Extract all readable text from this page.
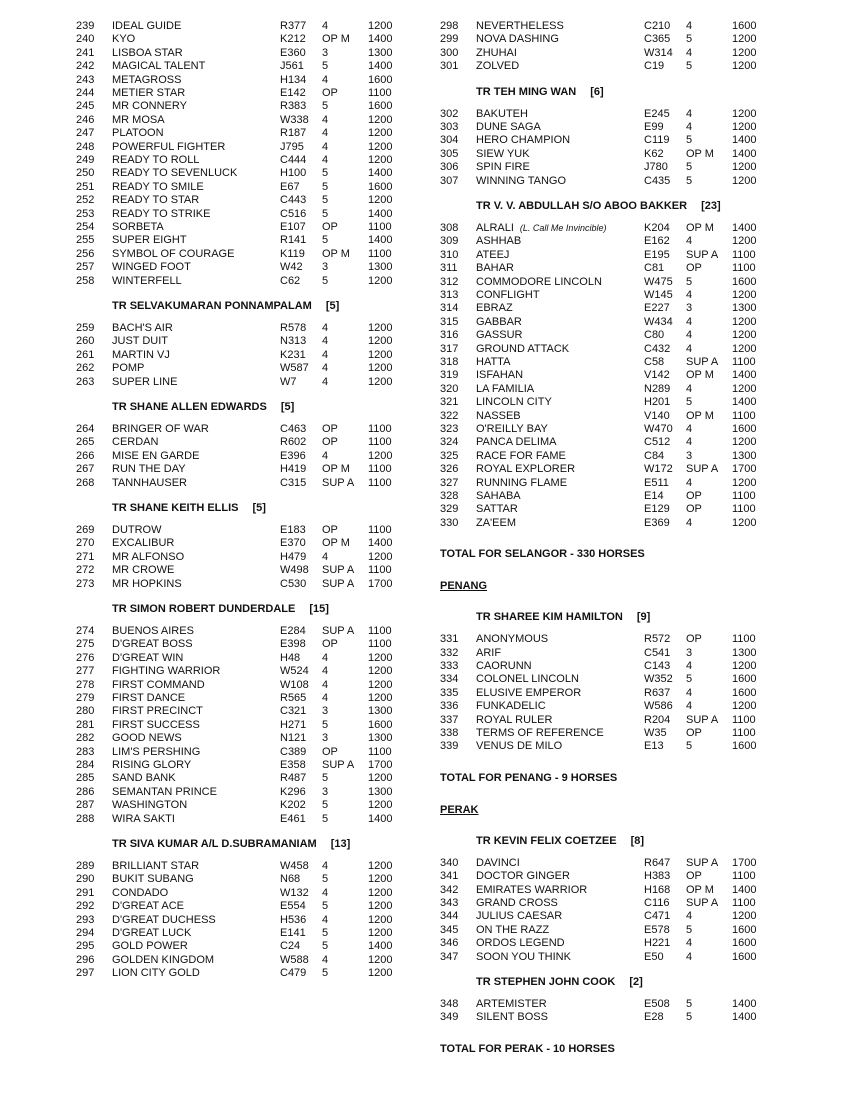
239 IDEAL GUIDE	R377 4	1200
240 KYO	K212 OP M 1400
241 LISBOA STAR	E360 3	1300
242 MAGICAL TALENT	J561 5	1400
243 METAGROSS	H134 4	1600
244 METIER STAR	E142 OP	1100
245 MR CONNERY	R383 5	1600
246 MR MOSA	W338 4	1200
247 PLATOON	R187 4	1200
248 POWERFUL FIGHTER	J795 4	1200
249 READY TO ROLL	C444 4	1200
250 READY TO SEVENLUCK	H100 5	1400
251 READY TO SMILE	E67 5	1600
252 READY TO STAR	C443 5	1200
253 READY TO STRIKE	C516 5	1400
254 SORBETA	E107 OP	1100
255 SUPER EIGHT	R141 5	1400
256 SYMBOL OF COURAGE	K119 OP M 1100
257 WINGED FOOT	W42 3	1300
258 WINTERFELL	C62 5	1200
TR SELVAKUMARAN PONNAMPALAM [5]
259 BACH'S AIR	R578 4	1200
260 JUST DUIT	N313 4	1200
261 MARTIN VJ	K231 4	1200
262 POMP	W587 4	1200
263 SUPER LINE	W7 4	1200
TR SHANE ALLEN EDWARDS [5]
264 BRINGER OF WAR	C463 OP	1100
265 CERDAN	R602 OP	1100
266 MISE EN GARDE	E396 4	1200
267 RUN THE DAY	H419 OP M 1100
268 TANNHAUSER	C315 SUP A 1100
TR SHANE KEITH ELLIS [5]
269 DUTROW	E183 OP	1100
270 EXCALIBUR	E370 OP M 1400
271 MR ALFONSO	H479 4	1200
272 MR CROWE	W498 SUP A 1100
273 MR HOPKINS	C530 SUP A 1700
TR SIMON ROBERT DUNDERDALE [15]
274 BUENOS AIRES	E284 SUP A 1100
275 D'GREAT BOSS	E398 OP	1100
276 D'GREAT WIN	H48 4	1200
277 FIGHTING WARRIOR	W524 4	1200
278 FIRST COMMAND	W108 4	1200
279 FIRST DANCE	R565 4	1200
280 FIRST PRECINCT	C321 3	1300
281 FIRST SUCCESS	H271 5	1600
282 GOOD NEWS	N121 3	1300
283 LIM'S PERSHING	C389 OP	1100
284 RISING GLORY	E358 SUP A 1700
285 SAND BANK	R487 5	1200
286 SEMANTAN PRINCE	K296 3	1300
287 WASHINGTON	K202 5	1200
288 WIRA SAKTI	E461 5	1400
TR SIVA KUMAR A/L D.SUBRAMANIAM [13]
289 BRILLIANT STAR	W458 4	1200
290 BUKIT SUBANG	N68 5	1200
291 CONDADO	W132 4	1200
292 D'GREAT ACE	E554 5	1200
293 D'GREAT DUCHESS	H536 4	1200
294 D'GREAT LUCK	E141 5	1200
295 GOLD POWER	C24 5	1400
296 GOLDEN KINGDOM	W588 4	1200
297 LION CITY GOLD	C479 5	1200
298 NEVERTHELESS	C210 4	1600
299 NOVA DASHING	C365 5	1200
300 ZHUHAI	W314 4	1200
301 ZOLVED	C19 5	1200
TR TEH MING WAN [6]
302 BAKUTEH	E245 4	1200
303 DUNE SAGA	E99 4	1200
304 HERO CHAMPION	C119 5	1400
305 SIEW YUK	K62 OP M 1400
306 SPIN FIRE	J780 5	1200
307 WINNING TANGO	C435 5	1200
TR V. V. ABDULLAH S/O ABOO BAKKER [23]
308 ALRALI (L. Call Me Invincible)	K204 OP M 1400
309 ASHHAB	E162 4	1200
310 ATEEJ	E195 SUP A 1100
311 BAHAR	C81 OP	1100
312 COMMODORE LINCOLN	W475 5	1600
313 CONFLIGHT	W145 4	1200
314 EBRAZ	E227 3	1300
315 GABBAR	W434 4	1200
316 GASSUR	C80 4	1200
317 GROUND ATTACK	C432 4	1200
318 HATTA	C58 SUP A 1100
319 ISFAHAN	V142 OP M 1400
320 LA FAMILIA	N289 4	1200
321 LINCOLN CITY	H201 5	1400
322 NASSEB	V140 OP M 1100
323 O'REILLY BAY	W470 4	1600
324 PANCA DELIMA	C512 4	1200
325 RACE FOR FAME	C84 3	1300
326 ROYAL EXPLORER	W172 SUP A 1700
327 RUNNING FLAME	E511 4	1200
328 SAHABA	E14 OP	1100
329 SATTAR	E129 OP	1100
330 ZA'EEM	E369 4	1200
TOTAL FOR SELANGOR - 330 HORSES
PENANG
TR SHAREE KIM HAMILTON [9]
331 ANONYMOUS	R572 OP	1100
332 ARIF	C541 3	1300
333 CAORUNN	C143 4	1200
334 COLONEL LINCOLN	W352 5	1600
335 ELUSIVE EMPEROR	R637 4	1600
336 FUNKADELIC	W586 4	1200
337 ROYAL RULER	R204 SUP A 1100
338 TERMS OF REFERENCE	W35 OP	1100
339 VENUS DE MILO	E13 5	1600
TOTAL FOR PENANG - 9 HORSES
PERAK
TR KEVIN FELIX COETZEE [8]
340 DAVINCI	R647 SUP A 1700
341 DOCTOR GINGER	H383 OP	1100
342 EMIRATES WARRIOR	H168 OP M 1400
343 GRAND CROSS	C116 SUP A 1100
344 JULIUS CAESAR	C471 4	1200
345 ON THE RAZZ	E578 5	1600
346 ORDOS LEGEND	H221 4	1600
347 SOON YOU THINK	E50 4	1600
TR STEPHEN JOHN COOK [2]
348 ARTEMISTER	E508 5	1400
349 SILENT BOSS	E28 5	1400
TOTAL FOR PERAK - 10 HORSES
